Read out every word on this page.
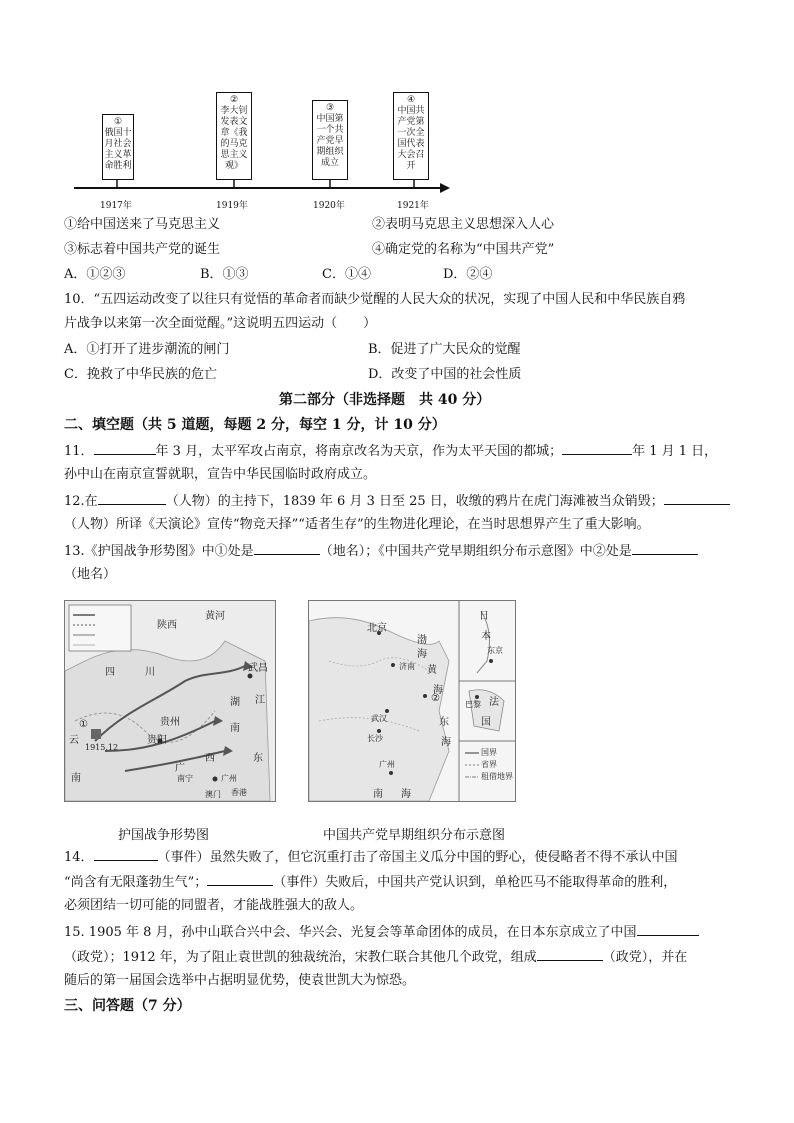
①
俄国十
月社会
主义革
命胜利
②
李大钊
发表文
章《我
的马克
思主义
观》
③
中国第
一个共
产党早
期组织
成立
④
中国共
产党第
一次全
国代表
大会召
开
1917年	1919年	1920年	1921年
①给中国送来了马克思主义	②表明马克思主义思想深入人心
③标志着中国共产党的诞生	④确定党的名称为“中国共产党”
A．①②③	B．①③	C．①④	D．②④
10．“五四运动改变了以往只有觉悟的革命者而缺少觉醒的人民大众的状况，实现了中国人民和中华民族自鸦
片战争以来第一次全面觉醒。”这说明五四运动（　　）
A．①打开了进步潮流的闸门	B．促进了广大民众的觉醒
C．挽救了中华民族的危亡	D．改变了中国的社会性质
第二部分（非选择题　共 40 分）
二、填空题（共 5 道题，每题 2 分，每空 1 分，计 10 分）
11．	年 3 月，太平军攻占南京，将南京改名为天京，作为太平天国的都城；	年 1 月 1 日，
孙中山在南京宣誓就职，宣告中华民国临时政府成立。
12.在	（人物）的主持下，1839 年 6 月 3 日至 25 日，收缴的鸦片在虎门海滩被当众销毁；
（人物）所译《天演论》宣传“物竞天择”“适者生存”的生物进化理论，在当时思想界产生了重大影响。
13.《护国战争形势图》中①处是	（地名）；《中国共产党早期组织分布示意图》中②处是
（地名）
陕西
黄河
四	川	武昌
湖 江
贵州
贵阳
南
云
南
1915.12
广
西	东
南宁	广州
香港
澳门
①
北京
渤
海
济南 黄
海
②
东
海
武汉
长沙
广州
南 海
日
本
东京
巴黎 法
国
国界
省界
租借地界
护国战争形势图	中国共产党早期组织分布示意图
14．	（事件）虽然失败了，但它沉重打击了帝国主义瓜分中国的野心，使侵略者不得不承认中国
“尚含有无限蓬勃生气”；	（事件）失败后，中国共产党认识到，单枪匹马不能取得革命的胜利，
必须团结一切可能的同盟者，才能战胜强大的敌人。
15. 1905 年 8 月，孙中山联合兴中会、华兴会、光复会等革命团体的成员，在日本东京成立了中国
（政党）；1912 年，为了阻止袁世凯的独裁统治，宋教仁联合其他几个政党，组成	（政党），并在
随后的第一届国会选举中占据明显优势，使袁世凯大为惊恐。
三、问答题（7 分）
